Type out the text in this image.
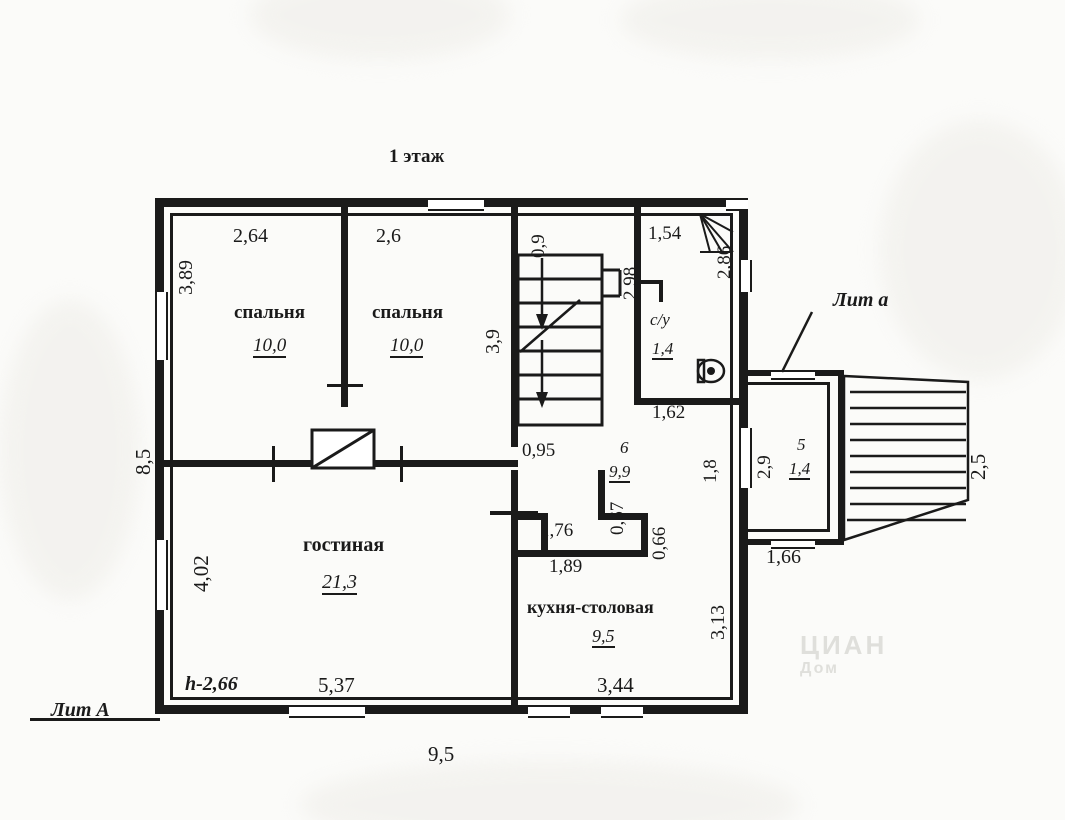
1 этаж
спальня
10,0
спальня
10,0
гостиная
21,3
кухня-столовая
9,5
с/у
1,4
6
9,9
5
1,4
Лит А
Лит а
h-2,66
2,64	2,6	1,54
1,62
0,95
1,76
1,89
5,37	3,44
1,66
9,5
3,89
8,5
3,9
0,9
2,98
2,86
1,8 2,9	2,5
4,02
0,67
0,66
3,13
ЦИАН
Дом
